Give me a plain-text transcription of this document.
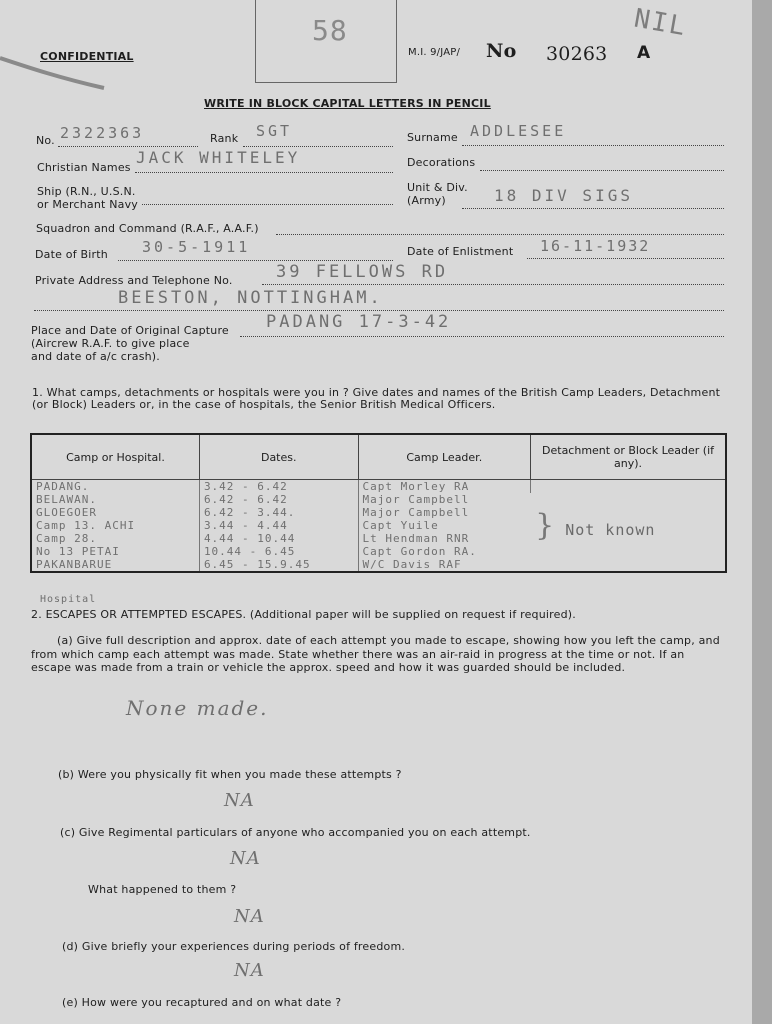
58
CONFIDENTIAL	M.I. 9/JAP/ No 30263 A
NIL
WRITE IN BLOCK CAPITAL LETTERS IN PENCIL
No. 2322363	Rank SGT	Surname ADDLESEE
Christian Names
JACK WHITELEY	Decorations
Ship (R.N., U.S.N.
or Merchant Navy
Unit & Div.
(Army)	18 DIV SIGS
Squadron and Command (R.A.F., A.A.F.)
Date of Birth 30-5-1911	Date of Enlistment 16-11-1932
Private Address and Telephone No.	39 FELLOWS RD
BEESTON, NOTTINGHAM.
Place and Date of Original Capture
(Aircrew R.A.F. to give place
and date of a/c crash).
PADANG 17-3-42
1. What camps, detachments or hospitals were you in ? Give dates and names of the British Camp Leaders, Detachment
(or Block) Leaders or, in the case of hospitals, the Senior British Medical Officers.
Camp or Hospital.	Dates.	Camp Leader.	Detachment or Block Leader (if any).
PADANG.	3.42 - 6.42	Capt Morley RA	} Not known
BELAWAN.	6.42 - 6.42	Major Campbell	
GLOEGOER	6.42 - 3.44.	Major Campbell	
Camp 13. ACHI	3.44 - 4.44	Capt Yuile	
Camp 28.	4.44 - 10.44	Lt Hendman RNR	
No 13 PETAI	10.44 - 6.45	Capt Gordon RA.	
PAKANBARUE	6.45 - 15.9.45	W/C Davis RAF	
Hospital
2. ESCAPES OR ATTEMPTED ESCAPES. (Additional paper will be supplied on request if required).
(a) Give full description and approx. date of each attempt you made to escape, showing how you left the camp, and
from which camp each attempt was made. State whether there was an air-raid in progress at the time or not. If an
escape was made from a train or vehicle the approx. speed and how it was guarded should be included.
None made.
(b) Were you physically fit when you made these attempts ?
NA
(c) Give Regimental particulars of anyone who accompanied you on each attempt.
NA
What happened to them ?
NA
(d) Give briefly your experiences during periods of freedom.
NA
(e) How were you recaptured and on what date ?
